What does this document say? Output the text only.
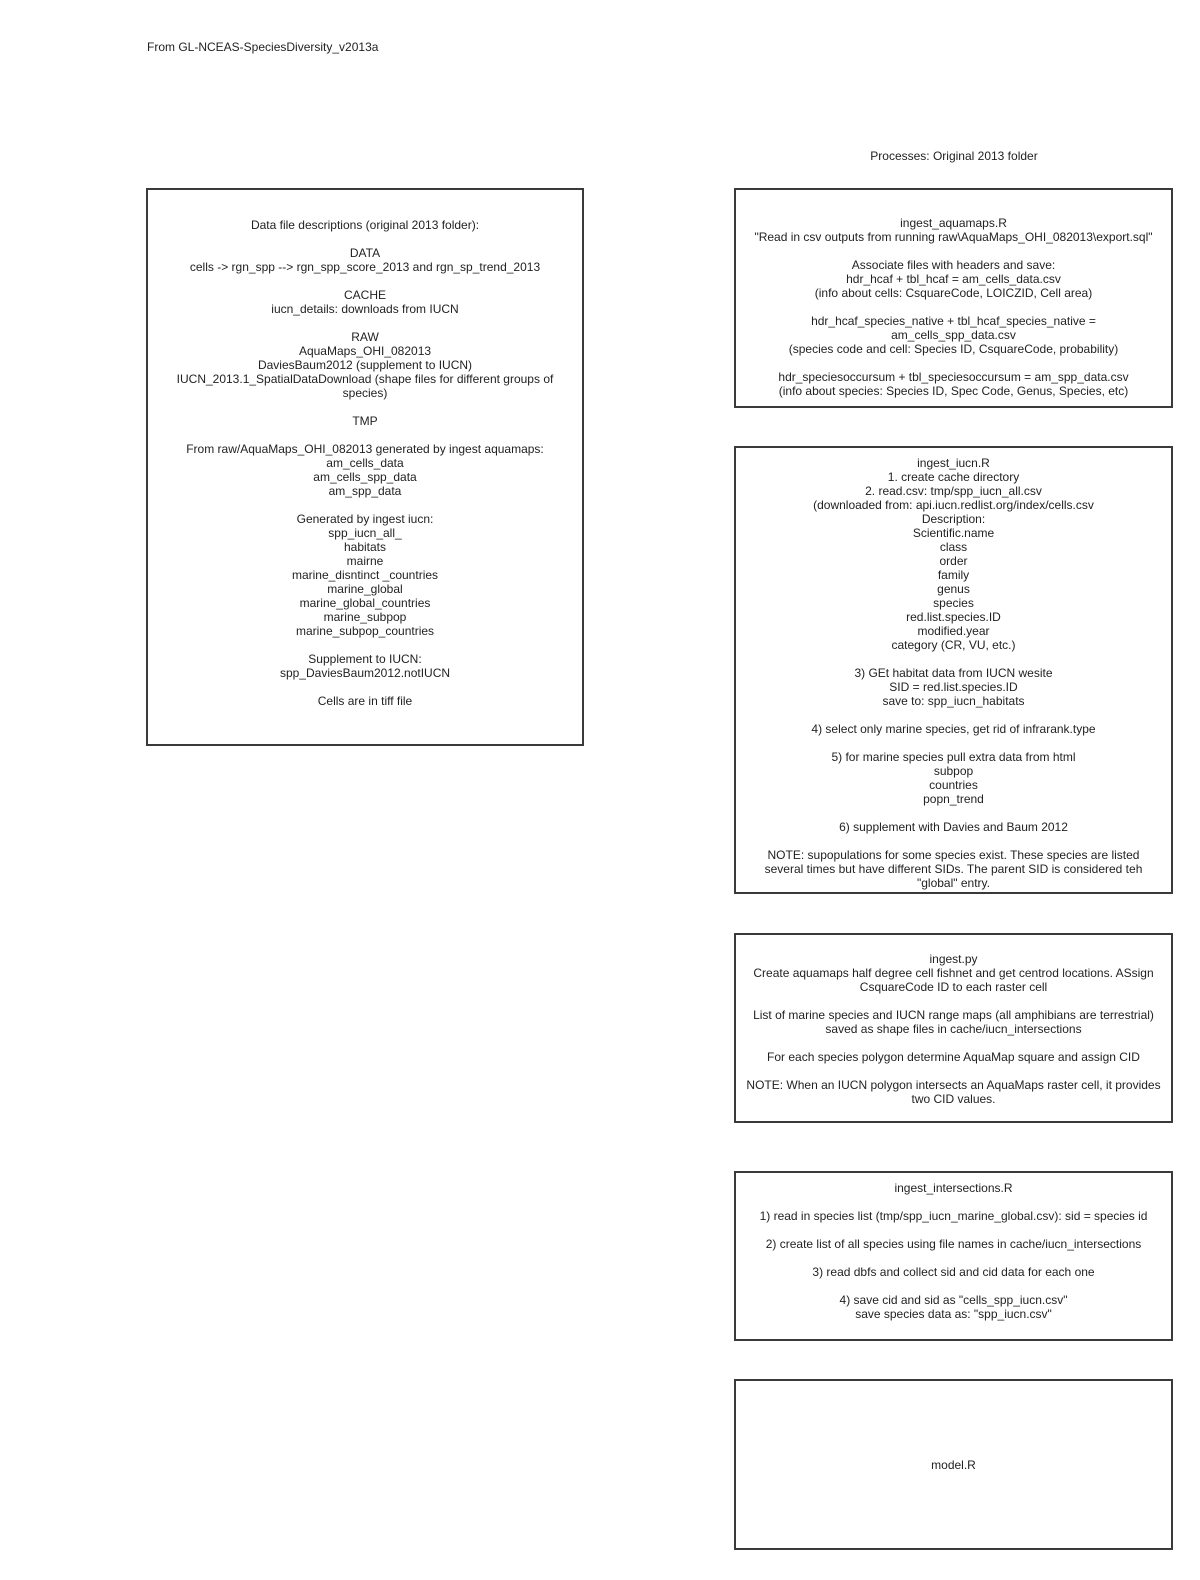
From GL-NCEAS-SpeciesDiversity_v2013a
Processes: Original 2013 folder
Data file descriptions (original 2013 folder):
DATA
cells -> rgn_spp --> rgn_spp_score_2013 and rgn_sp_trend_2013
CACHE
iucn_details: downloads from IUCN
RAW
AquaMaps_OHI_082013
DaviesBaum2012 (supplement to IUCN)
IUCN_2013.1_SpatialDataDownload (shape files for different groups of species)
TMP
From raw/AquaMaps_OHI_082013 generated by ingest aquamaps:
am_cells_data
am_cells_spp_data
am_spp_data
Generated by ingest iucn:
spp_iucn_all_
habitats
mairne
marine_disntinct _countries
marine_global
marine_global_countries
marine_subpop
marine_subpop_countries
Supplement to IUCN:
spp_DaviesBaum2012.notIUCN
Cells are in tiff file
ingest_aquamaps.R
"Read in csv outputs from running raw\AquaMaps_OHI_082013\export.sql"
Associate files with headers and save:
hdr_hcaf + tbl_hcaf = am_cells_data.csv
(info about cells: CsquareCode, LOICZID, Cell area)
hdr_hcaf_species_native + tbl_hcaf_species_native =
am_cells_spp_data.csv
(species code and cell: Species ID, CsquareCode, probability)
hdr_speciesoccursum + tbl_speciesoccursum = am_spp_data.csv
(info about species: Species ID, Spec Code, Genus, Species, etc)
ingest_iucn.R
1. create cache directory
2. read.csv: tmp/spp_iucn_all.csv
(downloaded from: api.iucn.redlist.org/index/cells.csv
Description:
Scientific.name
class
order
family
genus
species
red.list.species.ID
modified.year
category (CR, VU, etc.)
3) GEt habitat data from IUCN wesite
SID = red.list.species.ID
save to: spp_iucn_habitats
4) select only marine species, get rid of infrarank.type
5) for marine species pull extra data from html
subpop
countries
popn_trend
6) supplement with Davies and Baum 2012
NOTE: supopulations for some species exist. These species are listed several times but have different SIDs. The parent SID is considered teh "global" entry.
ingest.py
Create aquamaps half degree cell fishnet and get centrod locations. ASsign CsquareCode ID to each raster cell
List of marine species and IUCN range maps (all amphibians are terrestrial) saved as shape files in cache/iucn_intersections
For each species polygon determine AquaMap square and assign CID
NOTE: When an IUCN polygon intersects an AquaMaps raster cell, it provides two CID values.
ingest_intersections.R
1) read in species list (tmp/spp_iucn_marine_global.csv): sid = species id
2) create list of all species using file names in cache/iucn_intersections
3) read dbfs and collect sid and cid data for each one
4) save cid and sid as "cells_spp_iucn.csv"
save species data as: "spp_iucn.csv"
model.R
